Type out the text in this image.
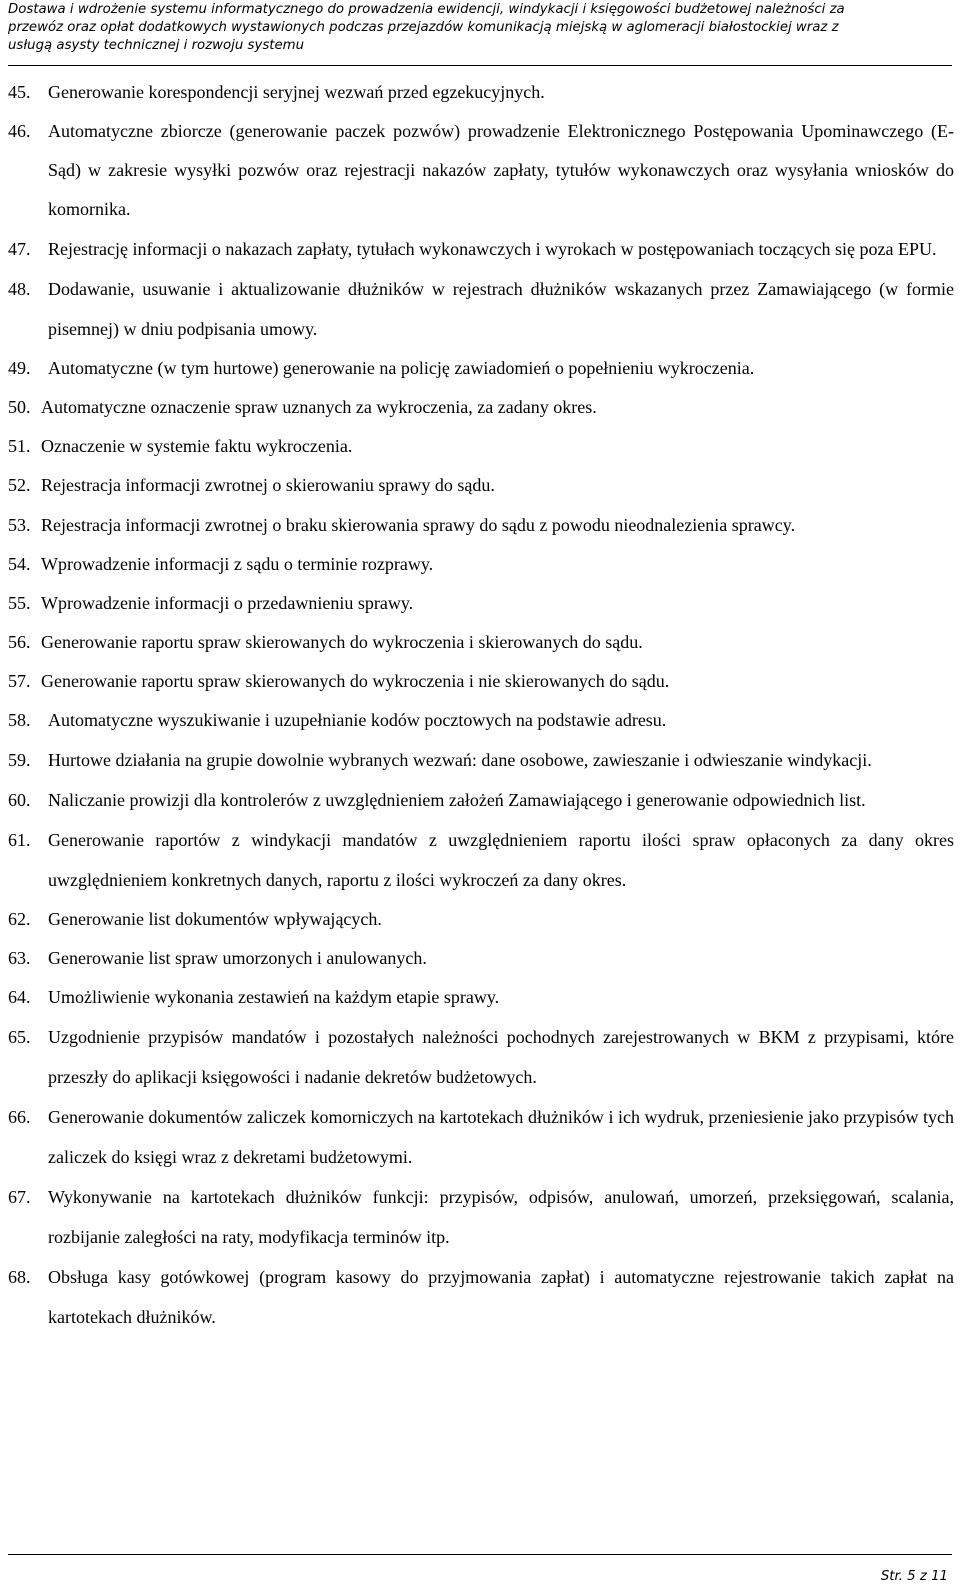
Dostawa i wdrożenie systemu informatycznego do prowadzenia ewidencji, windykacji i księgowości budżetowej należności za
przewóz oraz opłat dodatkowych wystawionych podczas przejazdów komunikacją miejską w aglomeracji białostockiej wraz z
usługą asysty technicznej i rozwoju systemu
45. Generowanie korespondencji seryjnej wezwań przed egzekucyjnych.
46. Automatyczne zbiorcze (generowanie paczek pozwów) prowadzenie Elektronicznego Postępowania Upominawczego (E-Sąd) w zakresie wysyłki pozwów oraz rejestracji nakazów zapłaty, tytułów wykonawczych oraz wysyłania wniosków do komornika.
47. Rejestrację informacji o nakazach zapłaty, tytułach wykonawczych i wyrokach w postępowaniach toczących się poza EPU.
48. Dodawanie, usuwanie i aktualizowanie dłużników w rejestrach dłużników wskazanych przez Zamawiającego (w formie pisemnej) w dniu podpisania umowy.
49. Automatyczne (w tym hurtowe) generowanie na policję zawiadomień o popełnieniu wykroczenia.
50. Automatyczne oznaczenie spraw uznanych za wykroczenia, za zadany okres.
51. Oznaczenie w systemie faktu wykroczenia.
52. Rejestracja informacji zwrotnej o skierowaniu sprawy do sądu.
53. Rejestracja informacji zwrotnej o braku skierowania sprawy do sądu z powodu nieodnalezienia sprawcy.
54. Wprowadzenie informacji z sądu o terminie rozprawy.
55. Wprowadzenie informacji o przedawnieniu sprawy.
56. Generowanie raportu spraw skierowanych do wykroczenia i skierowanych do sądu.
57. Generowanie raportu spraw skierowanych do wykroczenia i nie skierowanych do sądu.
58. Automatyczne wyszukiwanie i uzupełnianie kodów pocztowych na podstawie adresu.
59. Hurtowe działania na grupie dowolnie wybranych wezwań: dane osobowe, zawieszanie i odwieszanie windykacji.
60. Naliczanie prowizji dla kontrolerów z uwzględnieniem założeń Zamawiającego i generowanie odpowiednich list.
61. Generowanie raportów z windykacji mandatów z uwzględnieniem raportu ilości spraw opłaconych za dany okres uwzględnieniem konkretnych danych, raportu z ilości wykroczeń za dany okres.
62. Generowanie list dokumentów wpływających.
63. Generowanie list spraw umorzonych i anulowanych.
64. Umożliwienie wykonania zestawień na każdym etapie sprawy.
65. Uzgodnienie przypisów mandatów i pozostałych należności pochodnych zarejestrowanych w BKM z przypisami, które przeszły do aplikacji księgowości i nadanie dekretów budżetowych.
66. Generowanie dokumentów zaliczek komorniczych na kartotekach dłużników i ich wydruk, przeniesienie jako przypisów tych zaliczek do księgi wraz z dekretami budżetowymi.
67. Wykonywanie na kartotekach dłużników funkcji: przypisów, odpisów, anulowań, umorzeń, przeksięgowań, scalania, rozbijanie zaległości na raty, modyfikacja terminów itp.
68. Obsługa kasy gotówkowej (program kasowy do przyjmowania zapłat) i automatyczne rejestrowanie takich zapłat na kartotekach dłużników.
Str. 5 z 11
